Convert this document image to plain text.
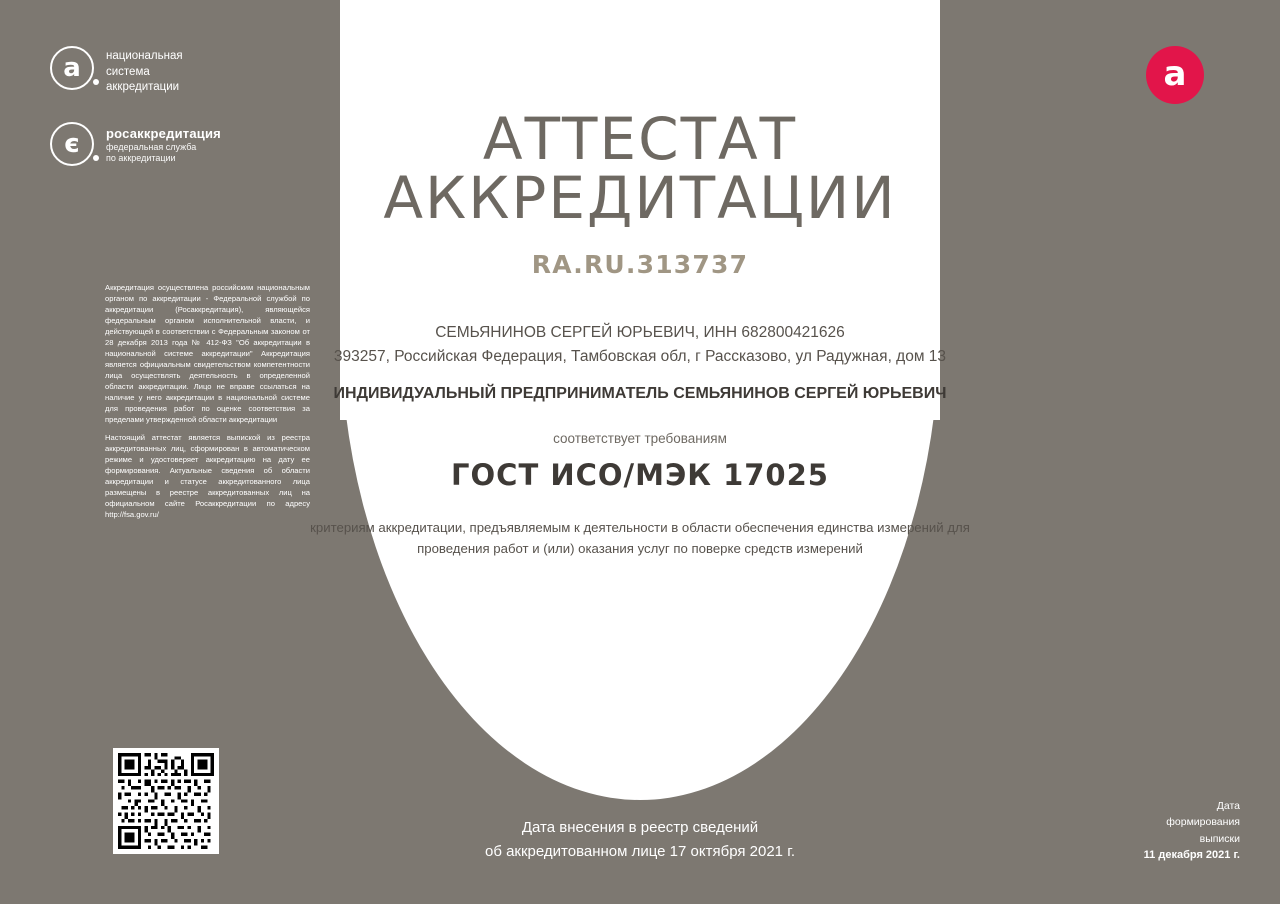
a	национальная
система
аккредитации
є	росаккредитация
федеральная служба
по аккредитации

Аккредитация осуществлена российским национальным органом по аккредитации - Федеральной службой по аккредитации (Росаккредитация), являющейся федеральным органом исполнительной власти, и действующей в соответствии с Федеральным законом от 28 декабря 2013 года № 412-ФЗ "Об аккредитации в национальной системе аккредитации" Аккредитация является официальным свидетельством компетентности лица осуществлять деятельность в определенной области аккредитации. Лицо не вправе ссылаться на наличие у него аккредитации в национальной системе для проведения работ по оценке соответствия за пределами утвержденной области аккредитации

Настоящий аттестат является выпиской из реестра аккредитованных лиц, сформирован в автоматическом режиме и удостоверяет аккредитацию на дату ее формирования. Актуальные сведения об области аккредитации и статусе аккредитованного лица размещены в реестре аккредитованных лиц на официальном сайте Росаккредитации по адресу http://fsa.gov.ru/

a
АТТЕСТАТ
АККРЕДИТАЦИИ
RA.RU.313737
СЕМЬЯНИНОВ СЕРГЕЙ ЮРЬЕВИЧ, ИНН 682800421626
393257, Российская Федерация, Тамбовская обл, г Рассказово, ул Радужная, дом 13
ИНДИВИДУАЛЬНЫЙ ПРЕДПРИНИМАТЕЛЬ СЕМЬЯНИНОВ СЕРГЕЙ ЮРЬЕВИЧ
соответствует требованиям
ГОСТ ИСО/МЭК 17025
критериям аккредитации, предъявляемым к деятельности в области обеспечения единства измерений для проведения работ и (или) оказания услуг по поверке средств измерений
Дата внесения в реестр сведений
об аккредитованном лице 17 октября 2021 г.
Дата
формирования
выписки
11 декабря 2021 г.
